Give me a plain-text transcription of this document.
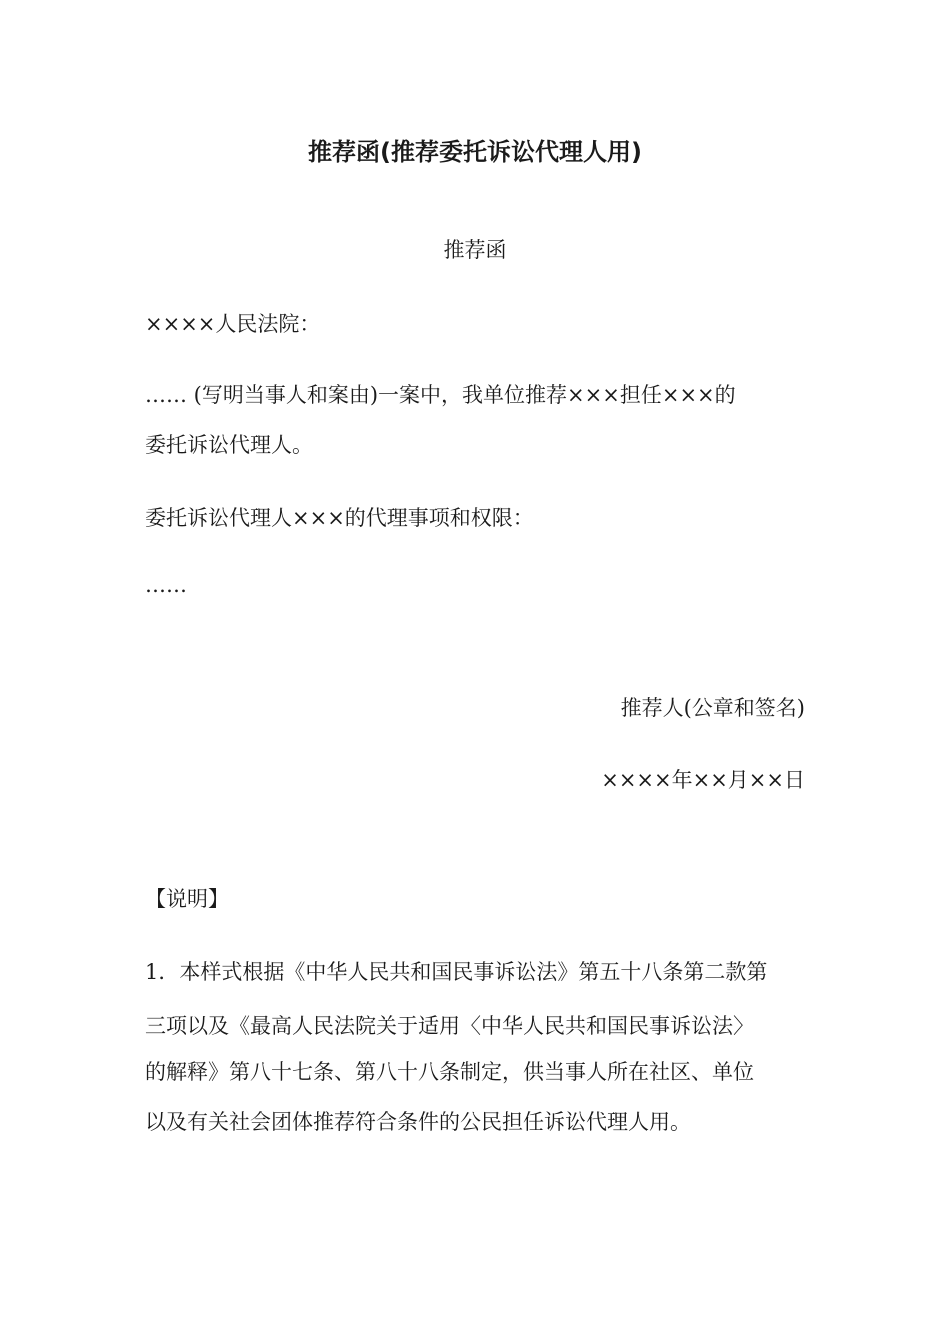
推荐函(推荐委托诉讼代理人用)
推荐函
××××人民法院：
…… (写明当事人和案由)一案中，我单位推荐×××担任×××的
委托诉讼代理人。
委托诉讼代理人×××的代理事项和权限：
……
推荐人(公章和签名)
××××年××月××日
【说明】
1．本样式根据《中华人民共和国民事诉讼法》第五十八条第二款第
三项以及《最高人民法院关于适用〈中华人民共和国民事诉讼法〉
的解释》第八十七条、第八十八条制定，供当事人所在社区、单位
以及有关社会团体推荐符合条件的公民担任诉讼代理人用。
